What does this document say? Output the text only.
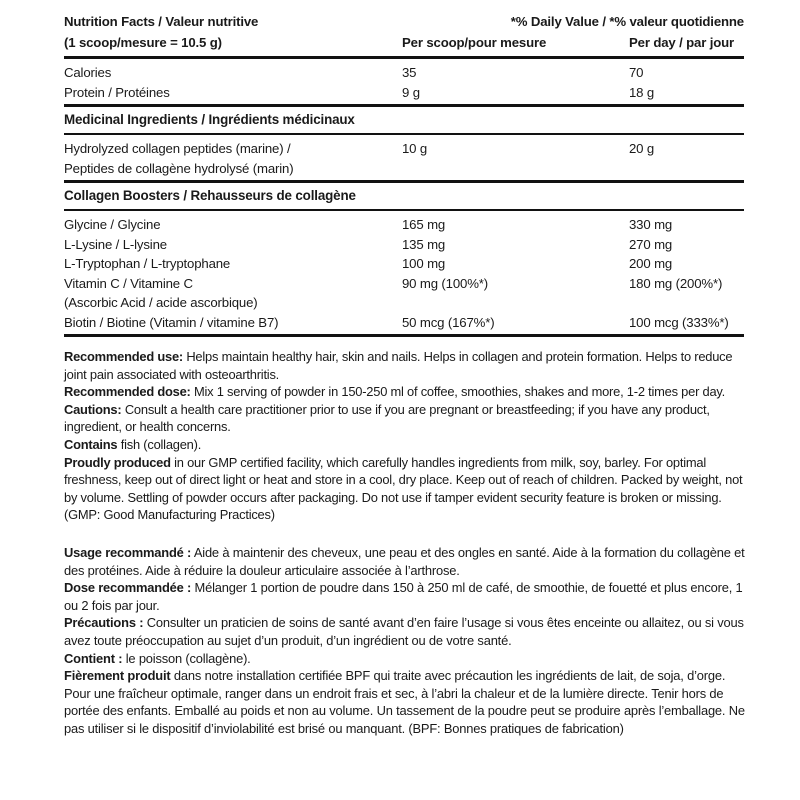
Nutrition Facts / Valeur nutritive	*% Daily Value / *% valeur quotidienne	
(1 scoop/mesure = 10.5 g)	Per scoop/pour mesure	Per day / par jour

Calories	35	70
Protein / Protéines	9 g	18 g

Medicinal Ingredients / Ingrédients médicinaux		

Hydrolyzed collagen peptides (marine) /	10 g	20 g
Peptides de collagène hydrolysé (marin)		

Collagen Boosters / Rehausseurs de collagène		

Glycine / Glycine	165 mg	330 mg
L-Lysine / L-lysine	135 mg	270 mg
L-Tryptophan / L-tryptophane	100 mg	200 mg
Vitamin C / Vitamine C	90 mg (100%*)	180 mg (200%*)
(Ascorbic Acid / acide ascorbique)		
Biotin / Biotine (Vitamin / vitamine B7)	50 mcg (167%*)	100 mcg (333%*)

Recommended use: Helps maintain healthy hair, skin and nails. Helps in collagen and protein formation. Helps to reduce joint pain associated with osteoarthritis.

Recommended dose: Mix 1 serving of powder in 150-250 ml of coffee, smoothies, shakes and more, 1-2 times per day.

Cautions: Consult a health care practitioner prior to use if you are pregnant or breastfeeding; if you have any product, ingredient, or health concerns.

Contains fish (collagen).

Proudly produced in our GMP certified facility, which carefully handles ingredients from milk, soy, barley. For optimal freshness, keep out of direct light or heat and store in a cool, dry place. Keep out of reach of children. Packed by weight, not by volume. Settling of powder occurs after packaging. Do not use if tamper evident security feature is broken or missing. (GMP: Good Manufacturing Practices)

Usage recommandé : Aide à maintenir des cheveux, une peau et des ongles en santé. Aide à la formation du collagène et des protéines. Aide à réduire la douleur articulaire associée à l’arthrose.

Dose recommandée : Mélanger 1 portion de poudre dans 150 à 250 ml de café, de smoothie, de fouetté et plus encore, 1 ou 2 fois par jour.

Précautions : Consulter un praticien de soins de santé avant d’en faire l’usage si vous êtes enceinte ou allaitez, ou si vous avez toute préoccupation au sujet d’un produit, d’un ingrédient ou de votre santé.

Contient : le poisson (collagène).

Fièrement produit dans notre installation certifiée BPF qui traite avec précaution les ingrédients de lait, de soja, d’orge. Pour une fraîcheur optimale, ranger dans un endroit frais et sec, à l’abri la chaleur et de la lumière directe. Tenir hors de portée des enfants. Emballé au poids et non au volume. Un tassement de la poudre peut se produire après l’emballage. Ne pas utiliser si le dispositif d’inviolabilité est brisé ou manquant. (BPF: Bonnes pratiques de fabrication)
